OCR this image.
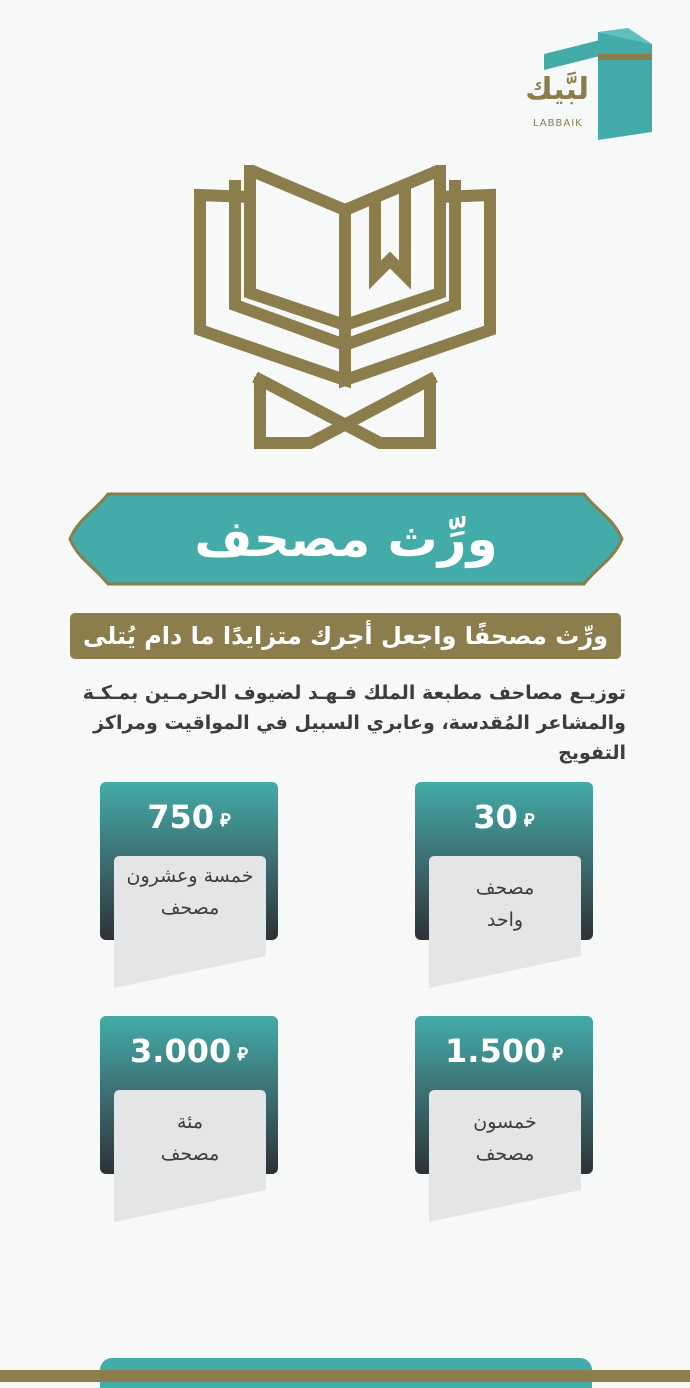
لبَّيك
LABBAIK
ورِّث مصحف
ورِّث مصحفًا واجعل أجرك متزايدًا ما دام يُتلى
توزيـع مصاحف مطبعة الملك فـهـد لضيوف الحرمـين بمـكـة والمشاعر المُقدسة، وعابري السبيل في المواقيت ومراكز التفويج
30 ⃁
مصحف
واحد
750 ⃁
خمسة وعشرون
مصحف
1.500 ⃁
خمسون
مصحف
3.000 ⃁
مئة
مصحف
